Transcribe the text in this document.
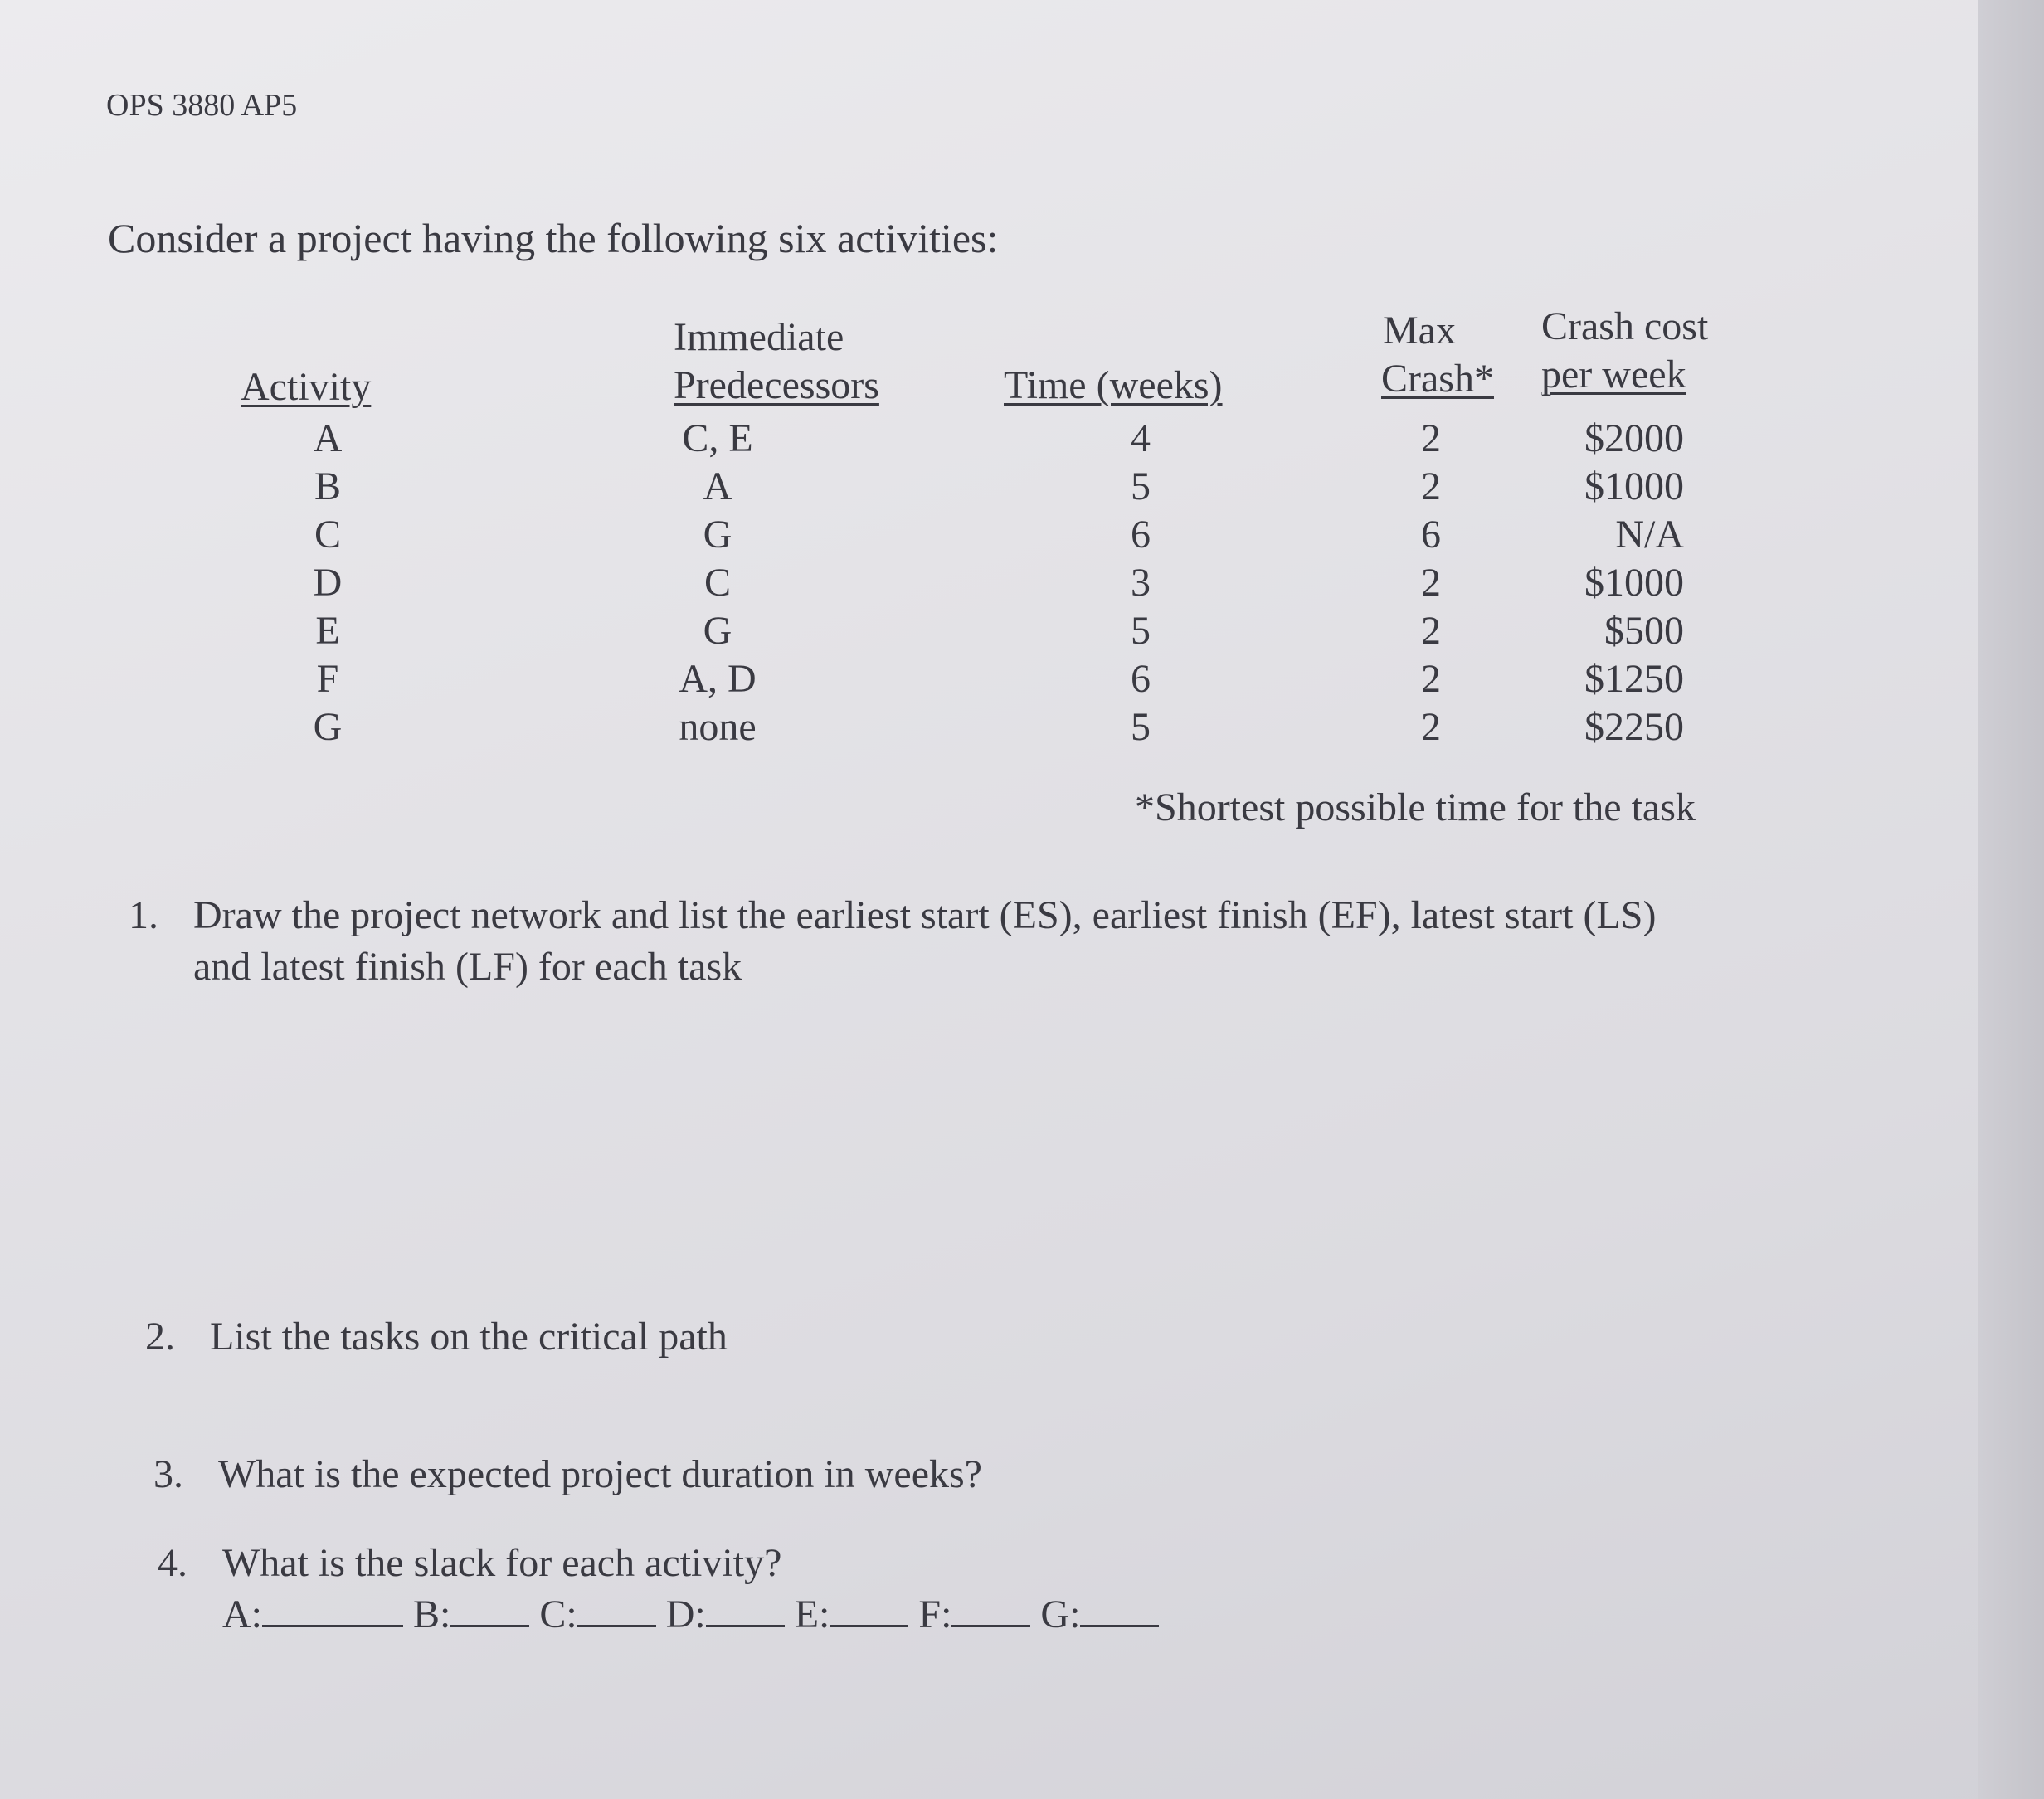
OPS 3880 AP5
Consider a project having the following six activities:
Activity
Immediate
Predecessors	Time (weeks)
Max
Crash*
Crash cost
per week
A
B
C
D
E
F
G
C, E
A
G
C
G
A, D
none
4
5
6
3
5
6
5
2
2
6
2
2
2
2
$2000
$1000
N/A
$1000
$500
$1250
$2250
*Shortest possible time for the task
1. Draw the project network and list the earliest start (ES), earliest finish (EF), latest start (LS)
and latest finish (LF) for each task
2. List the tasks on the critical path
3. What is the expected project duration in weeks?
4. What is the slack for each activity?
A:	B: C: D: E: F: G:
